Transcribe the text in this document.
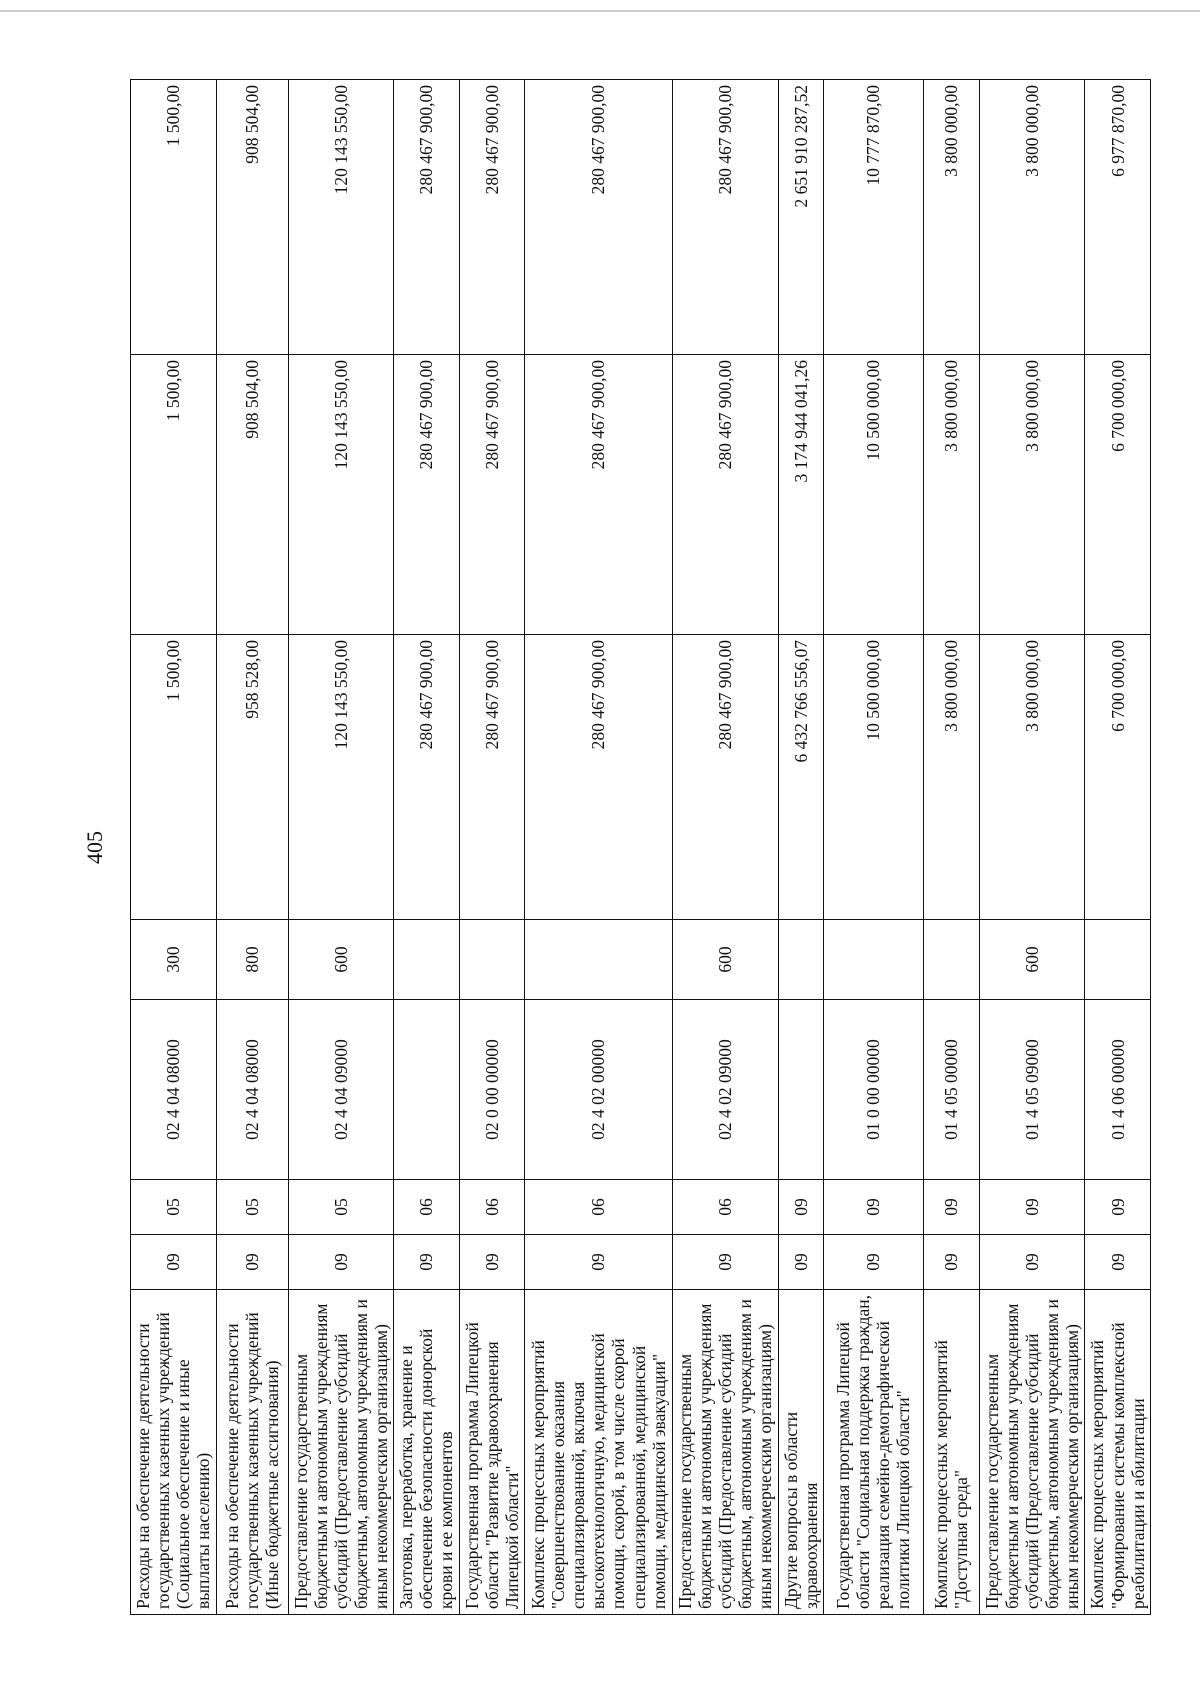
405
Расходы на обеспечение деятельности государственных казенных учреждений (Социальное обеспечение и иные выплаты населению)	09	05	02 4 04 08000	300	1 500,00	1 500,00	1 500,00
Расходы на обеспечение деятельности государственных казенных учреждений (Иные бюджетные ассигнования)	09	05	02 4 04 08000	800	958 528,00	908 504,00	908 504,00
Предоставление государственным бюджетным и автономным учреждениям субсидий (Предоставление субсидий бюджетным, автономным учреждениям и иным некоммерческим организациям)	09	05	02 4 04 09000	600	120 143 550,00	120 143 550,00	120 143 550,00
Заготовка, переработка, хранение и обеспечение безопасности донорской крови и ее компонентов	09	06			280 467 900,00	280 467 900,00	280 467 900,00
Государственная программа Липецкой области "Развитие здравоохранения Липецкой области"	09	06	02 0 00 00000		280 467 900,00	280 467 900,00	280 467 900,00
Комплекс процессных мероприятий "Совершенствование оказания специализированной, включая высокотехнологичную, медицинской помощи, скорой, в том числе скорой специализированной, медицинской помощи, медицинской эвакуации"	09	06	02 4 02 00000		280 467 900,00	280 467 900,00	280 467 900,00
Предоставление государственным бюджетным и автономным учреждениям субсидий (Предоставление субсидий бюджетным, автономным учреждениям и иным некоммерческим организациям)	09	06	02 4 02 09000	600	280 467 900,00	280 467 900,00	280 467 900,00
Другие вопросы в области здравоохранения	09	09			6 432 766 556,07	3 174 944 041,26	2 651 910 287,52
Государственная программа Липецкой области "Социальная поддержка граждан, реализация семейно-демографической политики Липецкой области"	09	09	01 0 00 00000		10 500 000,00	10 500 000,00	10 777 870,00
Комплекс процессных мероприятий "Доступная среда"	09	09	01 4 05 00000		3 800 000,00	3 800 000,00	3 800 000,00
Предоставление государственным бюджетным и автономным учреждениям субсидий (Предоставление субсидий бюджетным, автономным учреждениям и иным некоммерческим организациям)	09	09	01 4 05 09000	600	3 800 000,00	3 800 000,00	3 800 000,00
Комплекс процессных мероприятий "Формирование системы комплексной реабилитации и абилитации	09	09	01 4 06 00000		6 700 000,00	6 700 000,00	6 977 870,00
